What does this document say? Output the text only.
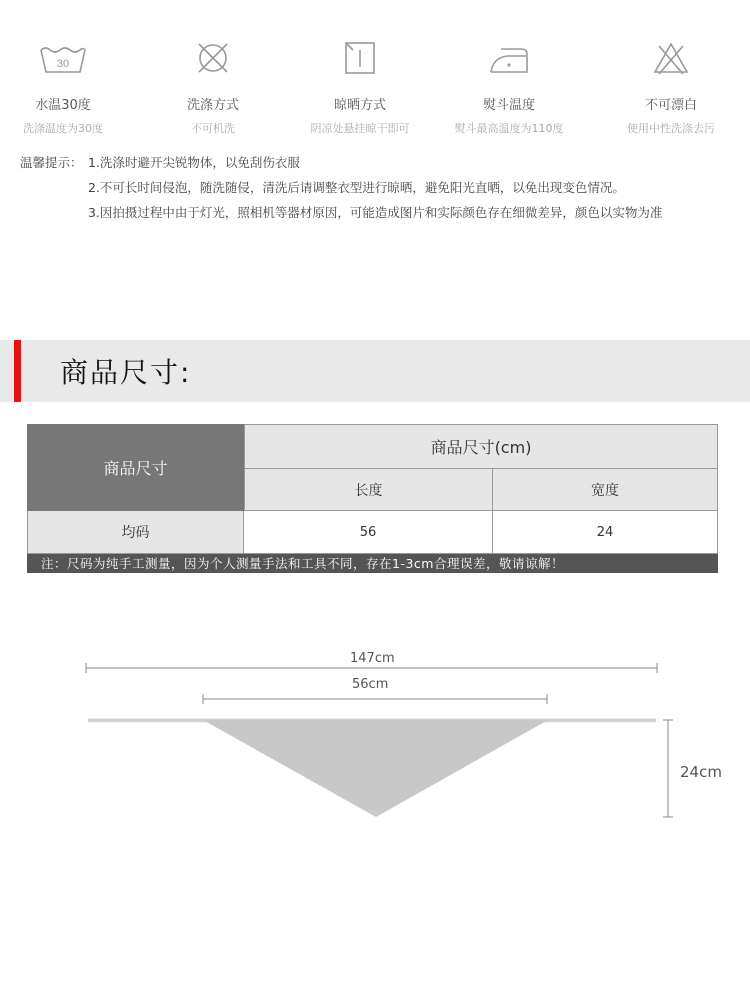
30
水温30度
洗涤温度为30度
洗涤方式
不可机洗
晾晒方式
阴凉处悬挂晾干即可
熨斗温度
熨斗最高温度为110度
不可漂白
使用中性洗涤去污
温馨提示： 1.洗涤时避开尖锐物体，以免刮伤衣服
2.不可长时间侵泡，随洗随侵，清洗后请调整衣型进行晾晒，避免阳光直晒，以免出现变色情况。
3.因拍摄过程中由于灯光，照相机等器材原因，可能造成图片和实际颜色存在细微差异，颜色以实物为准
商品尺寸:
商品尺寸
商品尺寸(cm)
长度	宽度
均码	56	24
注：尺码为纯手工测量，因为个人测量手法和工具不同，存在1-3cm合理误差，敬请谅解！
147cm
56cm
24cm
